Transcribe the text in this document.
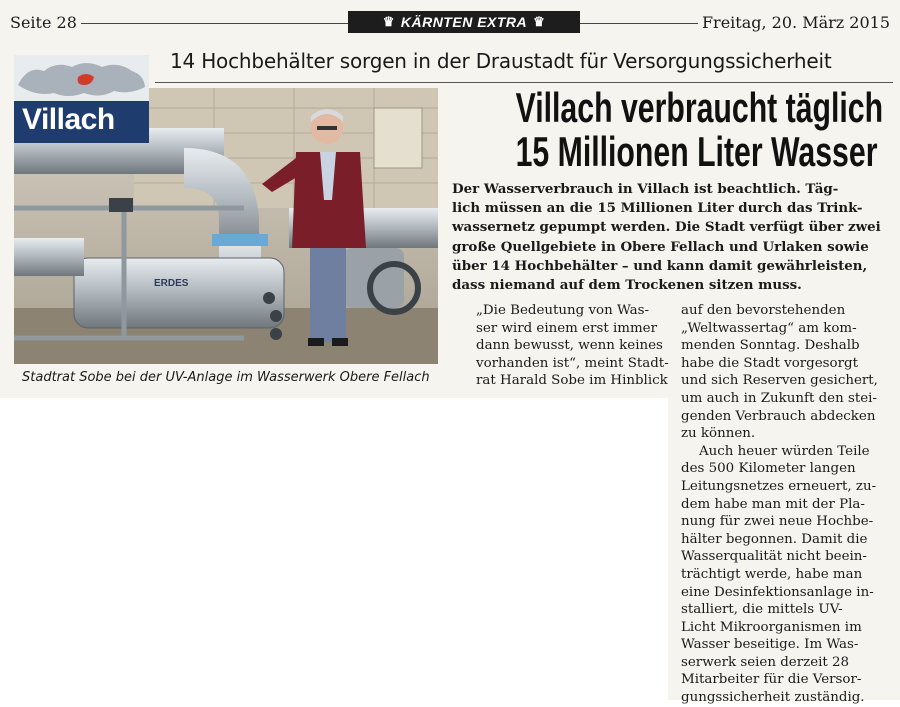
Seite 28	♛ KÄRNTEN EXTRA ♛	Freitag, 20. März 2015
14 Hochbehälter sorgen in der Draustadt für Versorgungssicherheit
ERDES
Villach
Stadtrat Sobe bei der UV-Anlage im Wasserwerk Obere Fellach
Villach verbraucht täglich
15 Millionen Liter Wasser
Der Wasserverbrauch in Villach ist beachtlich. Täg-
lich müssen an die 15 Millionen Liter durch das Trink-
wassernetz gepumpt werden. Die Stadt verfügt über zwei
große Quellgebiete in Obere Fellach und Urlaken sowie
über 14 Hochbehälter – und kann damit gewährleisten,
dass niemand auf dem Trockenen sitzen muss.
„Die Bedeutung von Was-
ser wird einem erst immer
dann bewusst, wenn keines
vorhanden ist“, meint Stadt-
rat Harald Sobe im Hinblick
auf den bevorstehenden
„Weltwassertag“ am kom-
menden Sonntag. Deshalb
habe die Stadt vorgesorgt
und sich Reserven gesichert,
um auch in Zukunft den stei-
genden Verbrauch abdecken
zu können.
Auch heuer würden Teile
des 500 Kilometer langen
Leitungsnetzes erneuert, zu-
dem habe man mit der Pla-
nung für zwei neue Hochbe-
hälter begonnen. Damit die
Wasserqualität nicht beein-
trächtigt werde, habe man
eine Desinfektionsanlage in-
stalliert, die mittels UV-
Licht Mikroorganismen im
Wasser beseitige. Im Was-
serwerk seien derzeit 28
Mitarbeiter für die Versor-
gungssicherheit zuständig.
